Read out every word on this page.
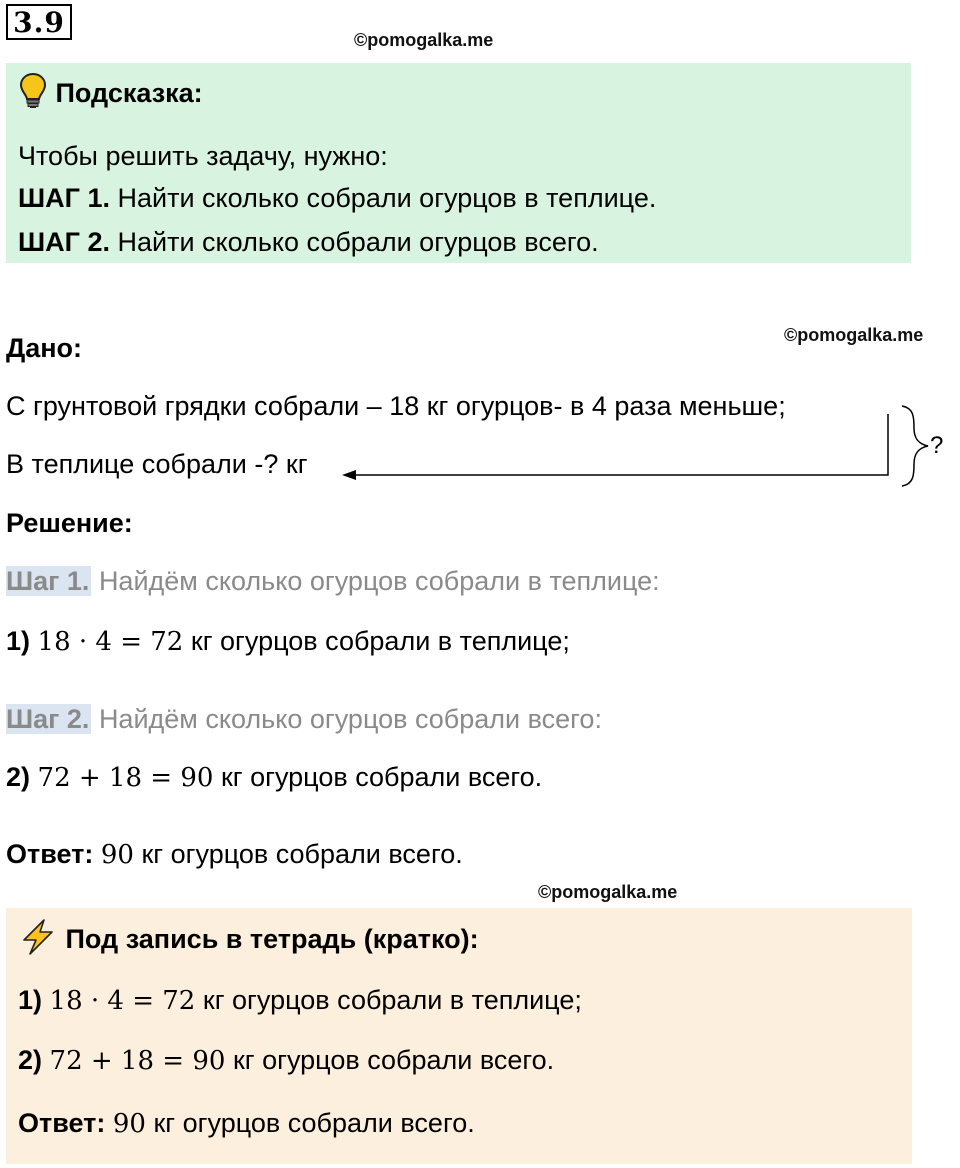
3.9
©pomogalka.me
Подсказка:
Чтобы решить задачу, нужно:
ШАГ 1. Найти сколько собрали огурцов в теплице.
ШАГ 2. Найти сколько собрали огурцов всего.
Дано:	©pomogalka.me
С грунтовой грядки собрали – 18 кг огурцов- в 4 раза меньше;
В теплице собрали -? кг
?
Решение:
Шаг 1. Найдём сколько огурцов собрали в теплице:
1) 18 · 4 = 72 кг огурцов собрали в теплице;
Шаг 2. Найдём сколько огурцов собрали всего:
2) 72 + 18 = 90 кг огурцов собрали всего.
Ответ: 90 кг огурцов собрали всего.
©pomogalka.me
Под запись в тетрадь (кратко):
1) 18 · 4 = 72 кг огурцов собрали в теплице;
2) 72 + 18 = 90 кг огурцов собрали всего.
Ответ: 90 кг огурцов собрали всего.
